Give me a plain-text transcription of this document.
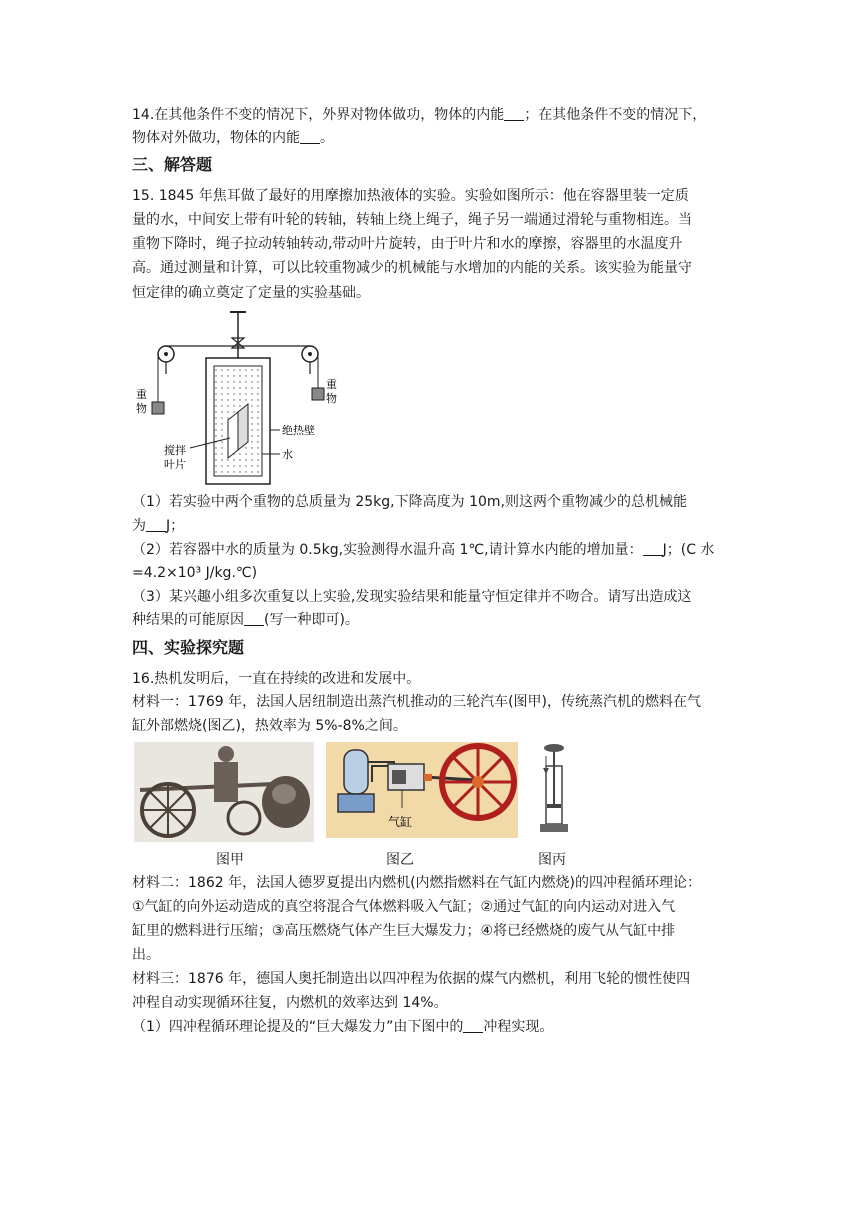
14.在其他条件不变的情况下，外界对物体做功，物体的内能 ；在其他条件不变的情况下，
物体对外做功，物体的内能 。
三、解答题
15. 1845 年焦耳做了最好的用摩擦加热液体的实验。实验如图所示：他在容器里装一定质
量的水，中间安上带有叶轮的转轴，转轴上绕上绳子，绳子另一端通过滑轮与重物相连。当
重物下降时，绳子拉动转轴转动,带动叶片旋转，由于叶片和水的摩擦，容器里的水温度升
高。通过测量和计算，可以比较重物减少的机械能与水增加的内能的关系。该实验为能量守
恒定律的确立奠定了定量的实验基础。
重
物
重
物
搅拌
叶片
绝热壁
水
（1）若实验中两个重物的总质量为 25kg,下降高度为 10m,则这两个重物减少的总机械能
为 J；
（2）若容器中水的质量为 0.5kg,实验测得水温升高 1℃,请计算水内能的增加量： J；(C 水
=4.2×10³ J/kg.℃)
（3）某兴趣小组多次重复以上实验,发现实验结果和能量守恒定律并不吻合。请写出造成这
种结果的可能原因 (写一种即可)。
四、实验探究题
16.热机发明后，一直在持续的改进和发展中。
材料一：1769 年，法国人居纽制造出蒸汽机推动的三轮汽车(图甲)，传统蒸汽机的燃料在气
缸外部燃烧(图乙)，热效率为 5%-8%之间。
气缸
图甲	图乙	图丙
材料二：1862 年，法国人德罗夏提出内燃机(内燃指燃料在气缸内燃烧)的四冲程循环理论：
①气缸的向外运动造成的真空将混合气体燃料吸入气缸；②通过气缸的向内运动对进入气
缸里的燃料进行压缩；③高压燃烧气体产生巨大爆发力；④将已经燃烧的废气从气缸中排
出。
材料三：1876 年，德国人奥托制造出以四冲程为依据的煤气内燃机，利用飞轮的惯性使四
冲程自动实现循环往复，内燃机的效率达到 14%。
（1）四冲程循环理论提及的“巨大爆发力”由下图中的 冲程实现。
